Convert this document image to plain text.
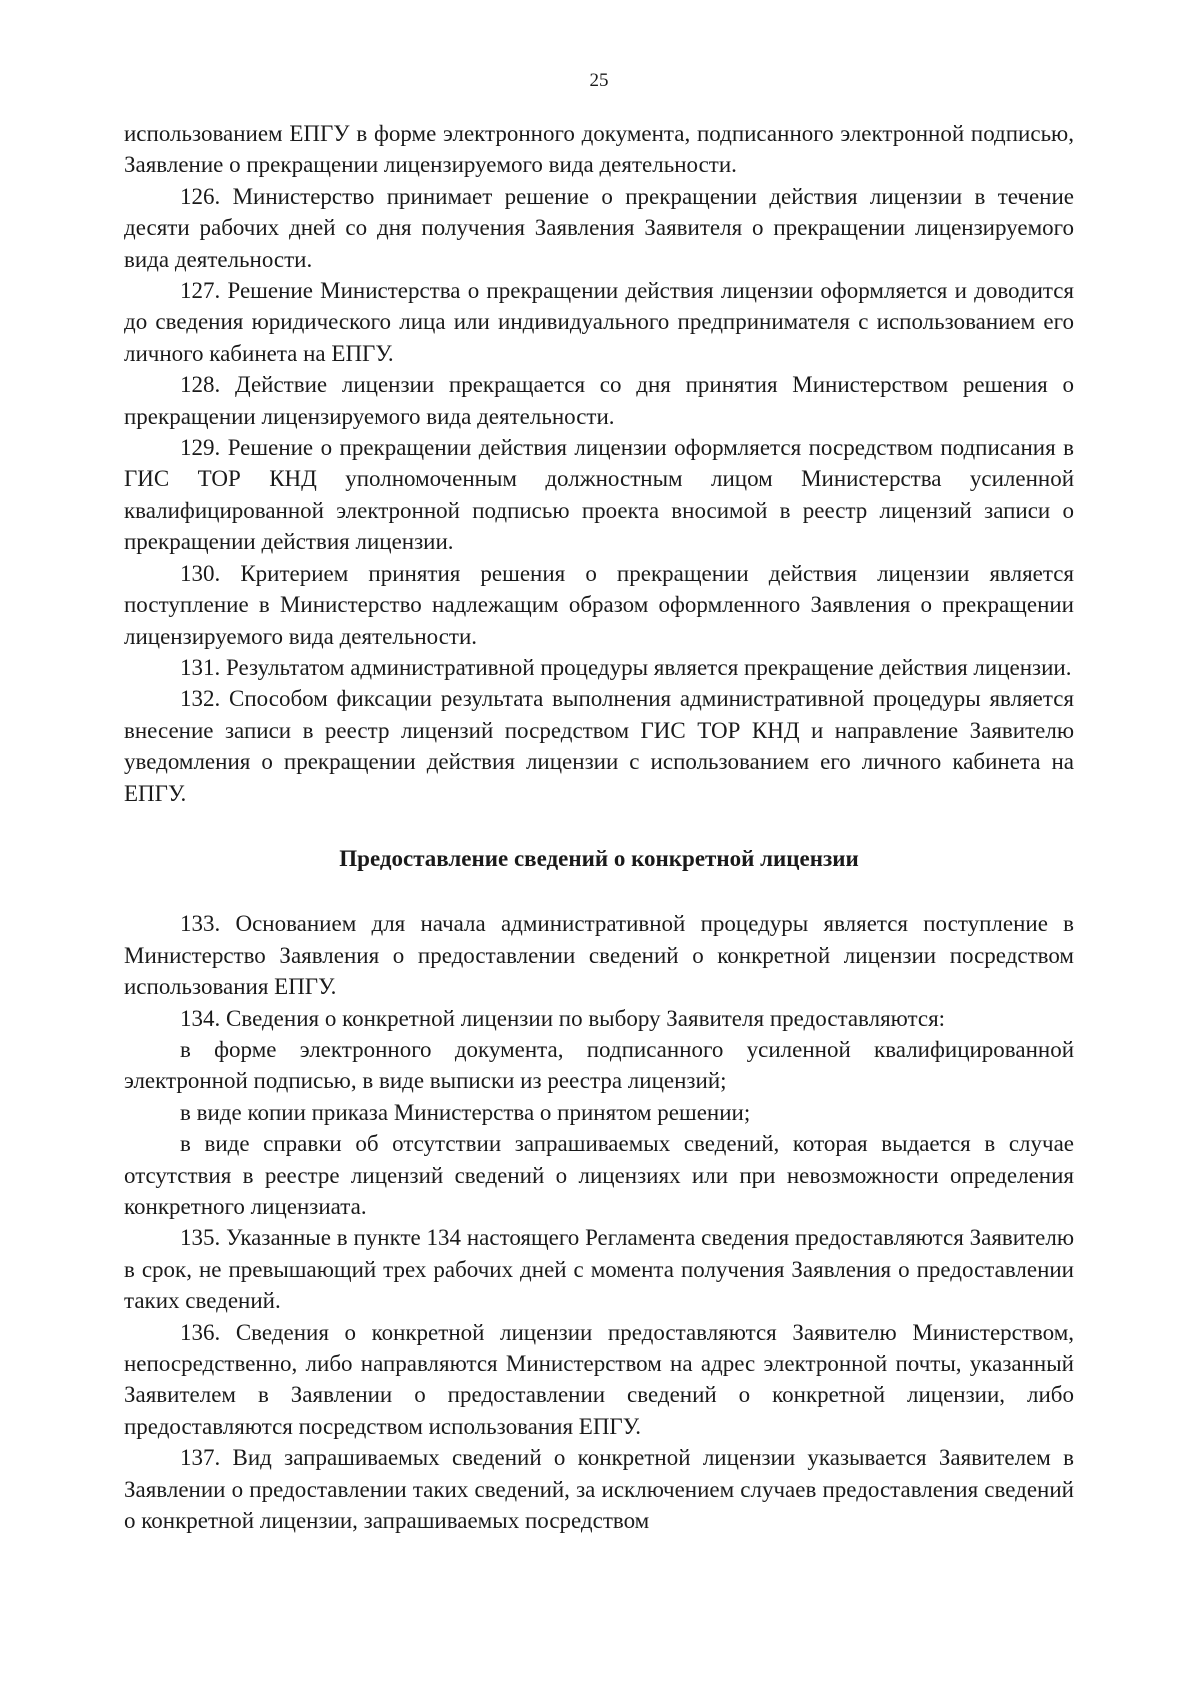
25

использованием ЕПГУ в форме электронного документа, подписанного электронной подписью, Заявление о прекращении лицензируемого вида деятельности.

126. Министерство принимает решение о прекращении действия лицензии в течение десяти рабочих дней со дня получения Заявления Заявителя о прекращении лицензируемого вида деятельности.

127. Решение Министерства о прекращении действия лицензии оформляется и доводится до сведения юридического лица или индивидуального предпринимателя с использованием его личного кабинета на ЕПГУ.

128. Действие лицензии прекращается со дня принятия Министерством решения о прекращении лицензируемого вида деятельности.

129. Решение о прекращении действия лицензии оформляется посредством подписания в ГИС ТОР КНД уполномоченным должностным лицом Министерства усиленной квалифицированной электронной подписью проекта вносимой в реестр лицензий записи о прекращении действия лицензии.

130. Критерием принятия решения о прекращении действия лицензии является поступление в Министерство надлежащим образом оформленного Заявления о прекращении лицензируемого вида деятельности.

131. Результатом административной процедуры является прекращение действия лицензии.

132. Способом фиксации результата выполнения административной процедуры является внесение записи в реестр лицензий посредством ГИС ТОР КНД и направление Заявителю уведомления о прекращении действия лицензии с использованием его личного кабинета на ЕПГУ.

Предоставление сведений о конкретной лицензии

133. Основанием для начала административной процедуры является поступление в Министерство Заявления о предоставлении сведений о конкретной лицензии посредством использования ЕПГУ.

134. Сведения о конкретной лицензии по выбору Заявителя предоставляются:

в форме электронного документа, подписанного усиленной квалифицированной электронной подписью, в виде выписки из реестра лицензий;

в виде копии приказа Министерства о принятом решении;

в виде справки об отсутствии запрашиваемых сведений, которая выдается в случае отсутствия в реестре лицензий сведений о лицензиях или при невозможности определения конкретного лицензиата.

135. Указанные в пункте 134 настоящего Регламента сведения предоставляются Заявителю в срок, не превышающий трех рабочих дней с момента получения Заявления о предоставлении таких сведений.

136. Сведения о конкретной лицензии предоставляются Заявителю Министерством, непосредственно, либо направляются Министерством на адрес электронной почты, указанный Заявителем в Заявлении о предоставлении сведений о конкретной лицензии, либо предоставляются посредством использования ЕПГУ.

137. Вид запрашиваемых сведений о конкретной лицензии указывается Заявителем в Заявлении о предоставлении таких сведений, за исключением случаев предоставления сведений о конкретной лицензии, запрашиваемых посредством
